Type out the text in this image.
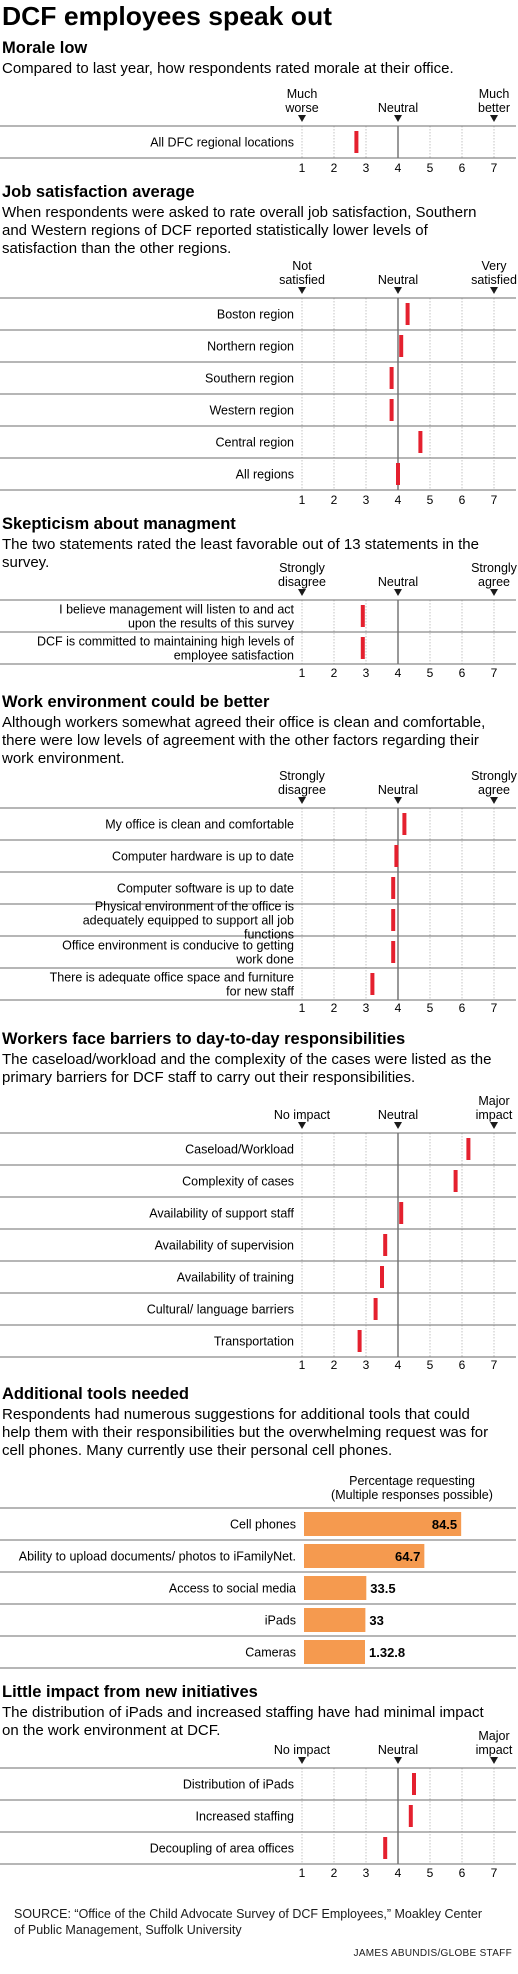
DCF employees speak out
Morale low
Compared to last year, how respondents rated morale at their office.
Much worse	Neutral
Much better
All DFC regional locations
1 2 3 4 5 6 7
Job satisfaction average
When respondents were asked to rate overall job satisfaction, Southern and Western regions of DCF reported statistically lower levels of satisfaction than the other regions.
Not satisfied	Neutral
Very satisfied
Boston region
Northern region
Southern region
Western region
Central region
All regions
1 2 3 4 5 6 7
Skepticism about managment
The two statements rated the least favorable out of 13 statements in the survey.	Strongly disagree	Neutral
Strongly agree
I believe management will listen to and act upon the results of this survey
DCF is committed to maintaining high levels of employee satisfaction
1 2 3 4 5 6 7
Work environment could be better
Although workers somewhat agreed their office is clean and comfortable, there were low levels of agreement with the other factors regarding their work environment.
Strongly disagree	Neutral
Strongly agree
My office is clean and comfortable
Computer hardware is up to date
Computer software is up to date
Physical environment of the office is adequately equipped to support all job functions
Office environment is conducive to getting work done
There is adequate office space and furniture for new staff
1 2 3 4 5 6 7
Workers face barriers to day-to-day responsibilities
The caseload/workload and the complexity of the cases were listed as the primary barriers for DCF staff to carry out their responsibilities.
No impact	Neutral
Major impact
Caseload/Workload
Complexity of cases
Availability of support staff
Availability of supervision
Availability of training
Cultural/ language barriers
Transportation
1 2 3 4 5 6 7
Additional tools needed
Respondents had numerous suggestions for additional tools that could help them with their responsibilities but the overwhelming request was for cell phones. Many currently use their personal cell phones.
Percentage requesting (Multiple responses possible)
Cell phones	84.5
Ability to upload documents/ photos to iFamilyNet.	64.7
Access to social media	33.5
iPads	33
Cameras	1.32.8
Little impact from new initiatives
The distribution of iPads and increased staffing have had minimal impact on the work environment at DCF.
No impact	Neutral
Major impact
Distribution of iPads
Increased staffing
Decoupling of area offices
1 2 3 4 5 6 7
SOURCE: “Office of the Child Advocate Survey of DCF Employees,” Moakley Center of Public Management, Suffolk University
JAMES ABUNDIS/GLOBE STAFF
